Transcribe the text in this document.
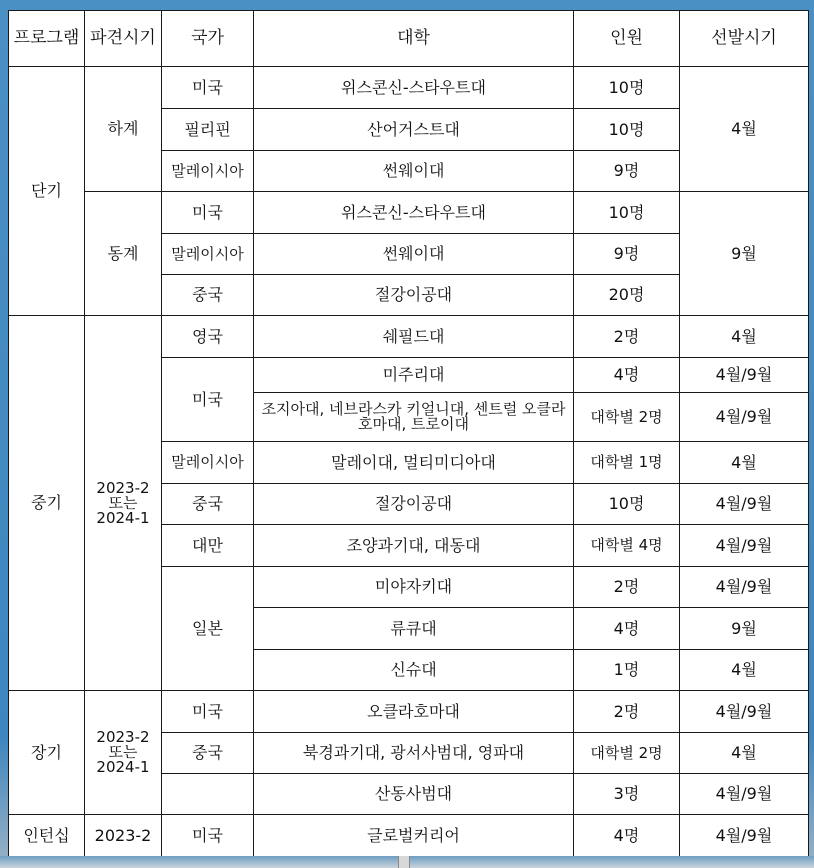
프로그램	파견시기	국가	대학	인원	선발시기
단기	하계	미국	위스콘신-스타우트대	10명	4월
		필리핀	산어거스트대	10명	
		말레이시아	썬웨이대	9명	
	동계	미국	위스콘신-스타우트대	10명	9월
		말레이시아	썬웨이대	9명	
		중국	절강이공대	20명	
중기	2023-2 또는 2024-1	영국	쉐필드대	2명	4월
		미국	미주리대	4명	4월/9월
			조지아대, 네브라스카 키얼니대, 센트럴 오클라호마대, 트로이대	대학별 2명	4월/9월
		말레이시아	말레이대, 멀티미디아대	대학별 1명	4월
		중국	절강이공대	10명	4월/9월
		대만	조양과기대, 대동대	대학별 4명	4월/9월
		일본	미야자키대	2명	4월/9월
			류큐대	4명	9월
			신슈대	1명	4월
장기	2023-2 또는 2024-1	미국	오클라호마대	2명	4월/9월
		중국	북경과기대, 광서사범대, 영파대	대학별 2명	4월
			산동사범대	3명	4월/9월
인턴십	2023-2	미국	글로벌커리어	4명	4월/9월
